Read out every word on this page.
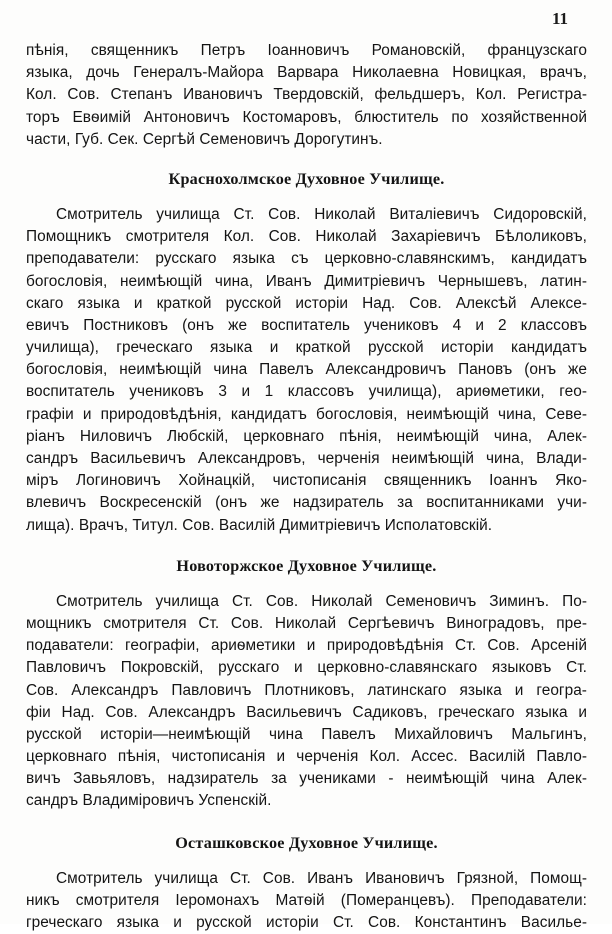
11
пѣнія, священникъ Петръ Іоанновичъ Романовскій, французскаго
языка, дочь Генералъ-Майора Варвара Николаевна Новицкая, врачъ,
Кол. Сов. Степанъ Ивановичъ Твердовскій, фельдшеръ, Кол. Регистра-
торъ Евѳимій Антоновичъ Костомаровъ, блюститель по хозяйственной
части, Губ. Сек. Сергѣй Семеновичъ Дорогутинъ.
Краснохолмское Духовное Училище.
Смотритель училища Ст. Сов. Николай Виталіевичъ Сидоровскій,
Помощникъ смотрителя Кол. Сов. Николай Захаріевичъ Бѣлоликовъ,
преподаватели: русскаго языка съ церковно-славянскимъ, кандидатъ
богословія, неимѣющій чина, Иванъ Димитріевичъ Чернышевъ, латин-
скаго языка и краткой русской исторіи Над. Сов. Алексѣй Алексе-
евичъ Постниковъ (онъ же воспитатель учениковъ 4 и 2 классовъ
училища), греческаго языка и краткой русской исторіи кандидатъ
богословія, неимѣющій чина Павелъ Александровичъ Пановъ (онъ же
воспитатель учениковъ 3 и 1 классовъ училища), ариѳметики, гео-
графіи и природовѣдѣнія, кандидатъ богословія, неимѣющій чина, Севе-
ріанъ Ниловичъ Любскій, церковнаго пѣнія, неимѣющій чина, Алек-
сандръ Васильевичъ Александровъ, черченія неимѣющій чина, Влади-
міръ Логиновичъ Хойнацкій, чистописанія священникъ Іоаннъ Яко-
влевичъ Воскресенскій (онъ же надзиратель за воспитанниками учи-
лища). Врачъ, Титул. Сов. Василій Димитріевичъ Исполатовскій.
Новоторжское Духовное Училище.
Смотритель училища Ст. Сов. Николай Семеновичъ Зиминъ. По-
мощникъ смотрителя Ст. Сов. Николай Сергѣевичъ Виноградовъ, пре-
подаватели: географіи, ариѳметики и природовѣдѣнія Ст. Сов. Арсеній
Павловичъ Покровскій, русскаго и церковно-славянскаго языковъ Ст.
Сов. Александръ Павловичъ Плотниковъ, латинскаго языка и геогра-
фіи Над. Сов. Александръ Васильевичъ Садиковъ, греческаго языка и
русской исторіи—неимѣющій чина Павелъ Михайловичъ Мальгинъ,
церковнаго пѣнія, чистописанія и черченія Кол. Ассес. Василій Павло-
вичъ Завьяловъ, надзиратель за учениками - неимѣющій чина Алек-
сандръ Владиміровичъ Успенскій.
Осташковское Духовное Училище.
Смотритель училища Ст. Сов. Иванъ Ивановичъ Грязной, Помощ-
никъ смотрителя Іеромонахъ Матѳій (Померанцевъ). Преподаватели:
греческаго языка и русской исторіи Ст. Сов. Константинъ Василье-
